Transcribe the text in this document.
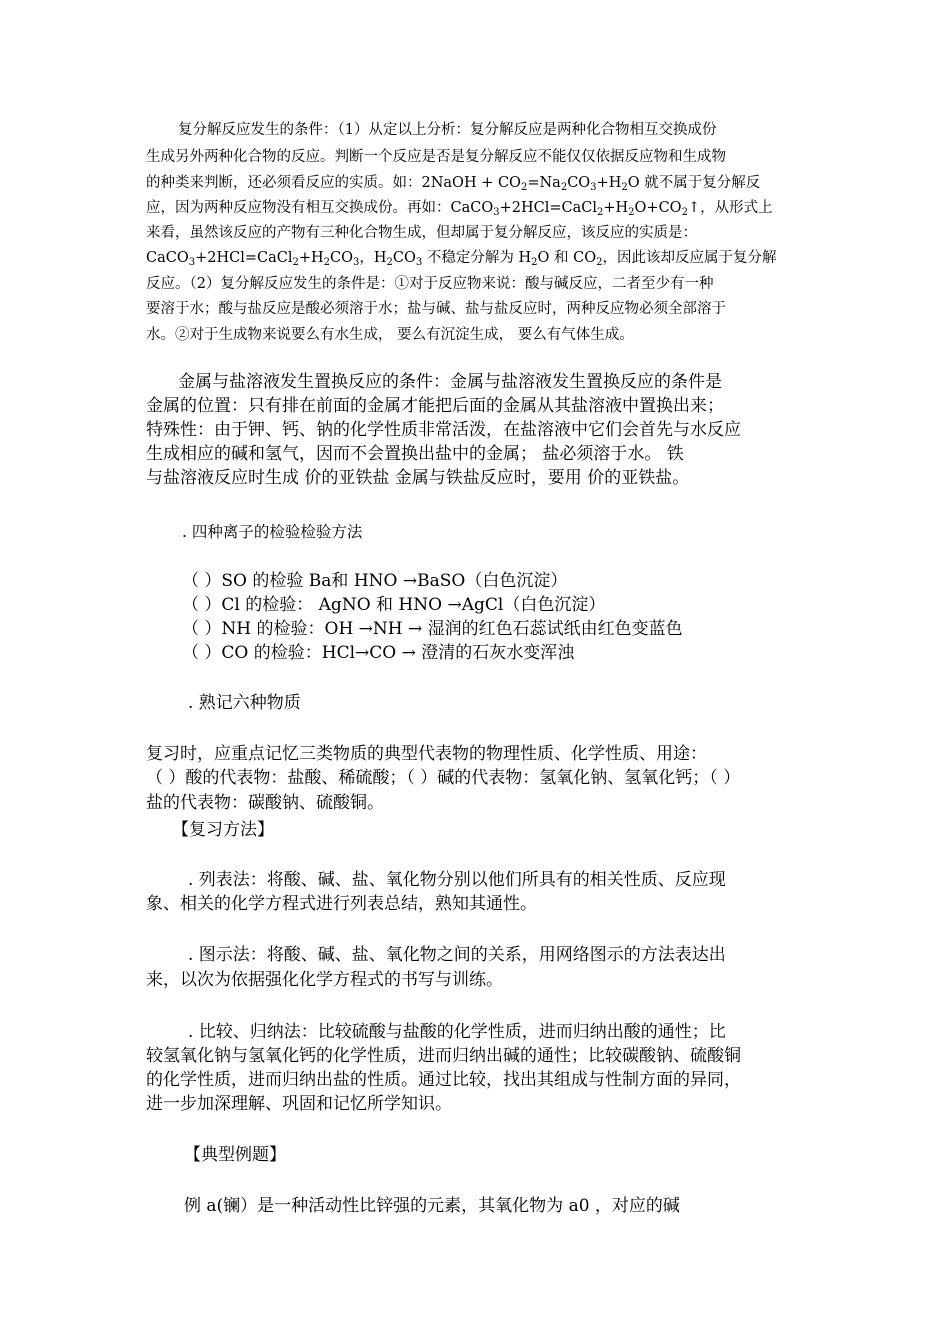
复分解反应发生的条件：（1）从定以上分析：复分解反应是两种化合物相互交换成份
生成另外两种化合物的反应。判断一个反应是否是复分解反应不能仅仅依据反应物和生成物
的种类来判断，还必须看反应的实质。如：2NaOH + $CO_2=Na_2CO_3+H_2O$ 就不属于复分解反
应，因为两种反应物没有相互交换成份。再如：$CaCO_3+2HCl=CaCl_2+H_2O+CO_2↑$，从形式上
来看，虽然该反应的产物有三种化合物生成，但却属于复分解反应，该反应的实质是：
$CaCO_3+2HCl=CaCl_2+H_2CO_3$，$H_2CO_3$ 不稳定分解为 $H_2O$ 和 $CO_2$，因此该却反应属于复分解
反应。（2）复分解反应发生的条件是：①对于反应物来说：酸与碱反应，二者至少有一种
要溶于水；酸与盐反应是酸必须溶于水；盐与碱、盐与盐反应时，两种反应物必须全部溶于
水。②对于生成物来说要么有水生成， 要么有沉淀生成， 要么有气体生成。
金属与盐溶液发生置换反应的条件：金属与盐溶液发生置换反应的条件是
金属的位置：只有排在前面的金属才能把后面的金属从其盐溶液中置换出来；
特殊性：由于钾、钙、钠的化学性质非常活泼，在盐溶液中它们会首先与水反应
生成相应的碱和氢气，因而不会置换出盐中的金属； 盐必须溶于水。 铁
与盐溶液反应时生成 价的亚铁盐 金属与铁盐反应时，要用 价的亚铁盐。
. 四种离子的检验检验方法
（ ）SO 的检验 Ba和 HNO →BaSO（白色沉淀）
（ ）Cl 的检验： AgNO 和 HNO →AgCl（白色沉淀）
（ ）NH 的检验：OH →NH → 湿润的红色石蕊试纸由红色变蓝色
（ ）CO 的检验：HCl→CO → 澄清的石灰水变浑浊
. 熟记六种物质
复习时，应重点记忆三类物质的典型代表物的物理性质、化学性质、用途：
（ ）酸的代表物：盐酸、稀硫酸；（ ）碱的代表物：氢氧化钠、氢氧化钙；（ ）
盐的代表物：碳酸钠、硫酸铜。
【复习方法】
. 列表法：将酸、碱、盐、氧化物分别以他们所具有的相关性质、反应现
象、相关的化学方程式进行列表总结，熟知其通性。
. 图示法：将酸、碱、盐、氧化物之间的关系，用网络图示的方法表达出
来，以次为依据强化化学方程式的书写与训练。
. 比较、归纳法：比较硫酸与盐酸的化学性质，进而归纳出酸的通性；比
较氢氧化钠与氢氧化钙的化学性质，进而归纳出碱的通性；比较碳酸钠、硫酸铜
的化学性质，进而归纳出盐的性质。通过比较，找出其组成与性制方面的异同，
进一步加深理解、巩固和记忆所学知识。
【典型例题】
例 a(镧）是一种活动性比锌强的元素，其氧化物为 a0 ，对应的碱
